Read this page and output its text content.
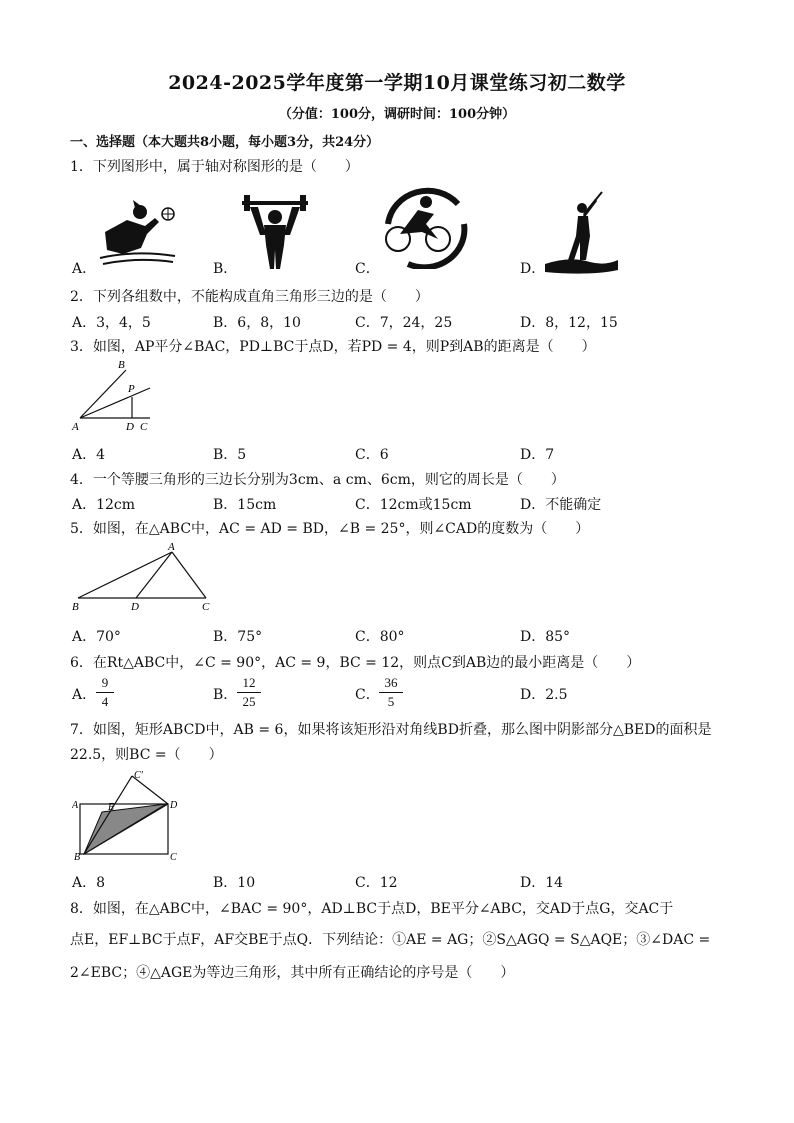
2024-2025学年度第一学期10月课堂练习初二数学
（分值：100分，调研时间：100分钟）
一、选择题（本大题共8小题，每小题3分，共24分）
1．下列图形中，属于轴对称图形的是（　　）
A．	B．	C．	D．
2．下列各组数中，不能构成直角三角形三边的是（　　）
A．3，4，5	B．6，8，10	C．7，24，25	D．8，12，15
3．如图，AP平分∠BAC，PD⊥BC于点D，若PD = 4，则P到AB的距离是（　　）
B
P
A	D C
A．4	B．5	C．6	D．7
4．一个等腰三角形的三边长分别为3cm、a cm、6cm，则它的周长是（　　）
A．12cm	B．15cm	C．12cm或15cm	D．不能确定
5．如图，在△ABC中，AC = AD = BD，∠B = 25°，则∠CAD的度数为（　　）
A
B	D	C
A．70°	B．75°	C．80°	D．85°
6．在Rt△ABC中，∠C = 90°，AC = 9，BC = 12，则点C到AB边的最小距离是（　　）
A． $\frac{9}{4}$	B． $\frac{12}{25}$	C． $\frac{36}{5}$	D．2.5
7．如图，矩形ABCD中，AB = 6，如果将该矩形沿对角线BD折叠，那么图中阴影部分△BED的面积是
22.5，则BC =（　　）
C'
A	E	D
B	C
A．8	B．10	C．12	D．14
8．如图，在△ABC中，∠BAC = 90°，AD⊥BC于点D，BE平分∠ABC，交AD于点G，交AC于
点E，EF⊥BC于点F，AF交BE于点Q．下列结论：①AE = AG；②S△AGQ = S△AQE；③∠DAC =
2∠EBC；④△AGE为等边三角形，其中所有正确结论的序号是（　　）
